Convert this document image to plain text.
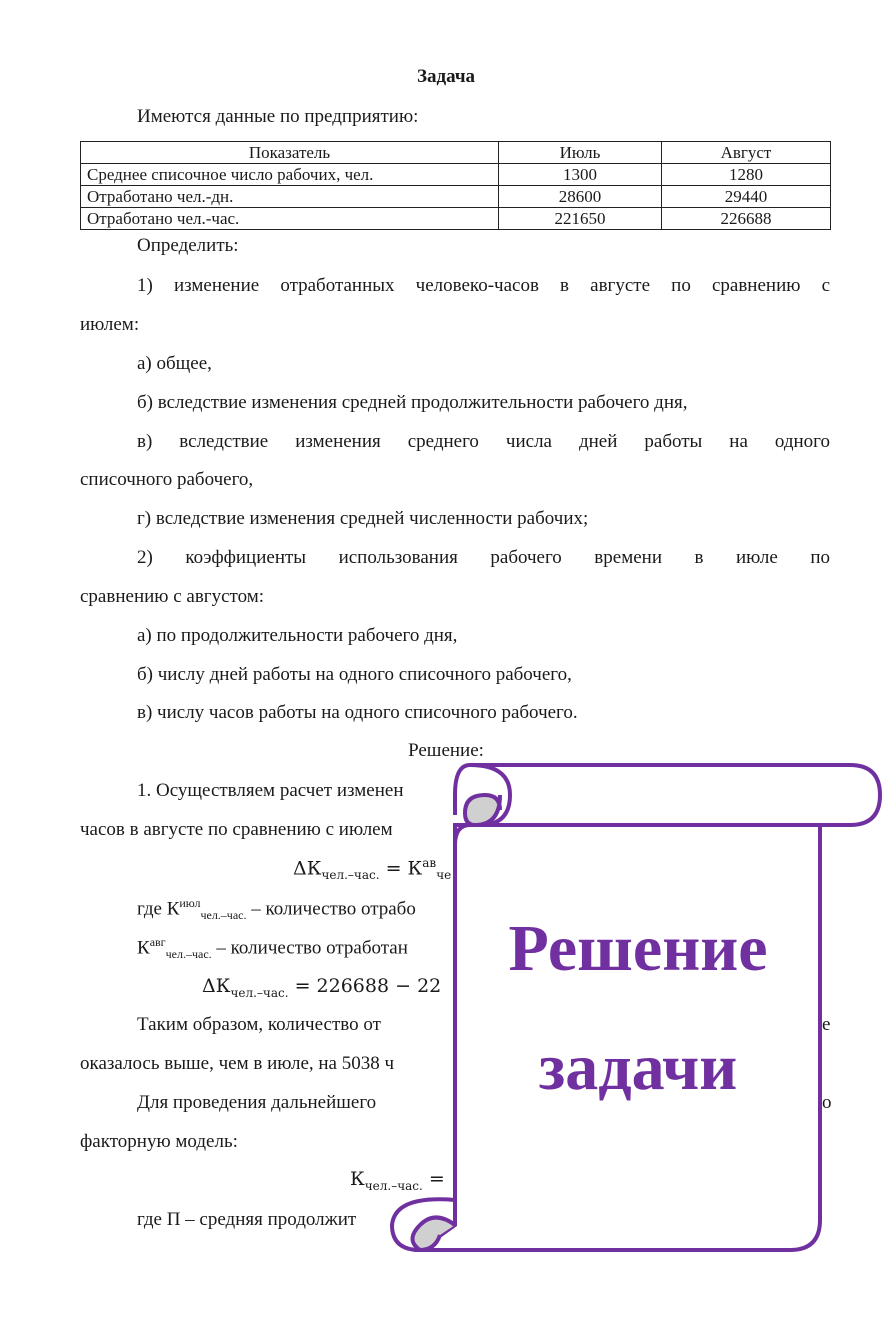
Задача
Имеются данные по предприятию:
Показатель	Июль	Август
Среднее списочное число рабочих, чел.	1300	1280
Отработано чел.-дн.	28600	29440
Отработано чел.-час.	221650	226688
Определить:
1) изменение отработанных человеко-часов в августе по сравнению с
июлем:
а) общее,
б) вследствие изменения средней продолжительности рабочего дня,
в) вследствие изменения среднего числа дней работы на одного
списочного рабочего,
г) вследствие изменения средней численности рабочих;
2) коэффициенты использования рабочего времени в июле по
сравнению с августом:
а) по продолжительности рабочего дня,
б) числу дней работы на одного списочного рабочего,
в) числу часов работы на одного списочного рабочего.
Решение:
1. Осуществляем расчет изменен
часов в августе по сравнению с июлем
$\Delta К_{чел.-час.} = К^{ав}_{че}$
где $К^{июл}_{чел.-час.}$ – количество отрабо
$К^{авг}_{чел.-час.}$ – количество отработан
$\Delta К_{чел.-час.} = 226688 - 22$
Таким образом, количество от	е
оказалось выше, чем в июле, на 5038 ч
Для проведения дальнейшего	о
факторную модель:
$К_{чел.-час.}$ =
где П – средняя продолжит
Решение
задачи
